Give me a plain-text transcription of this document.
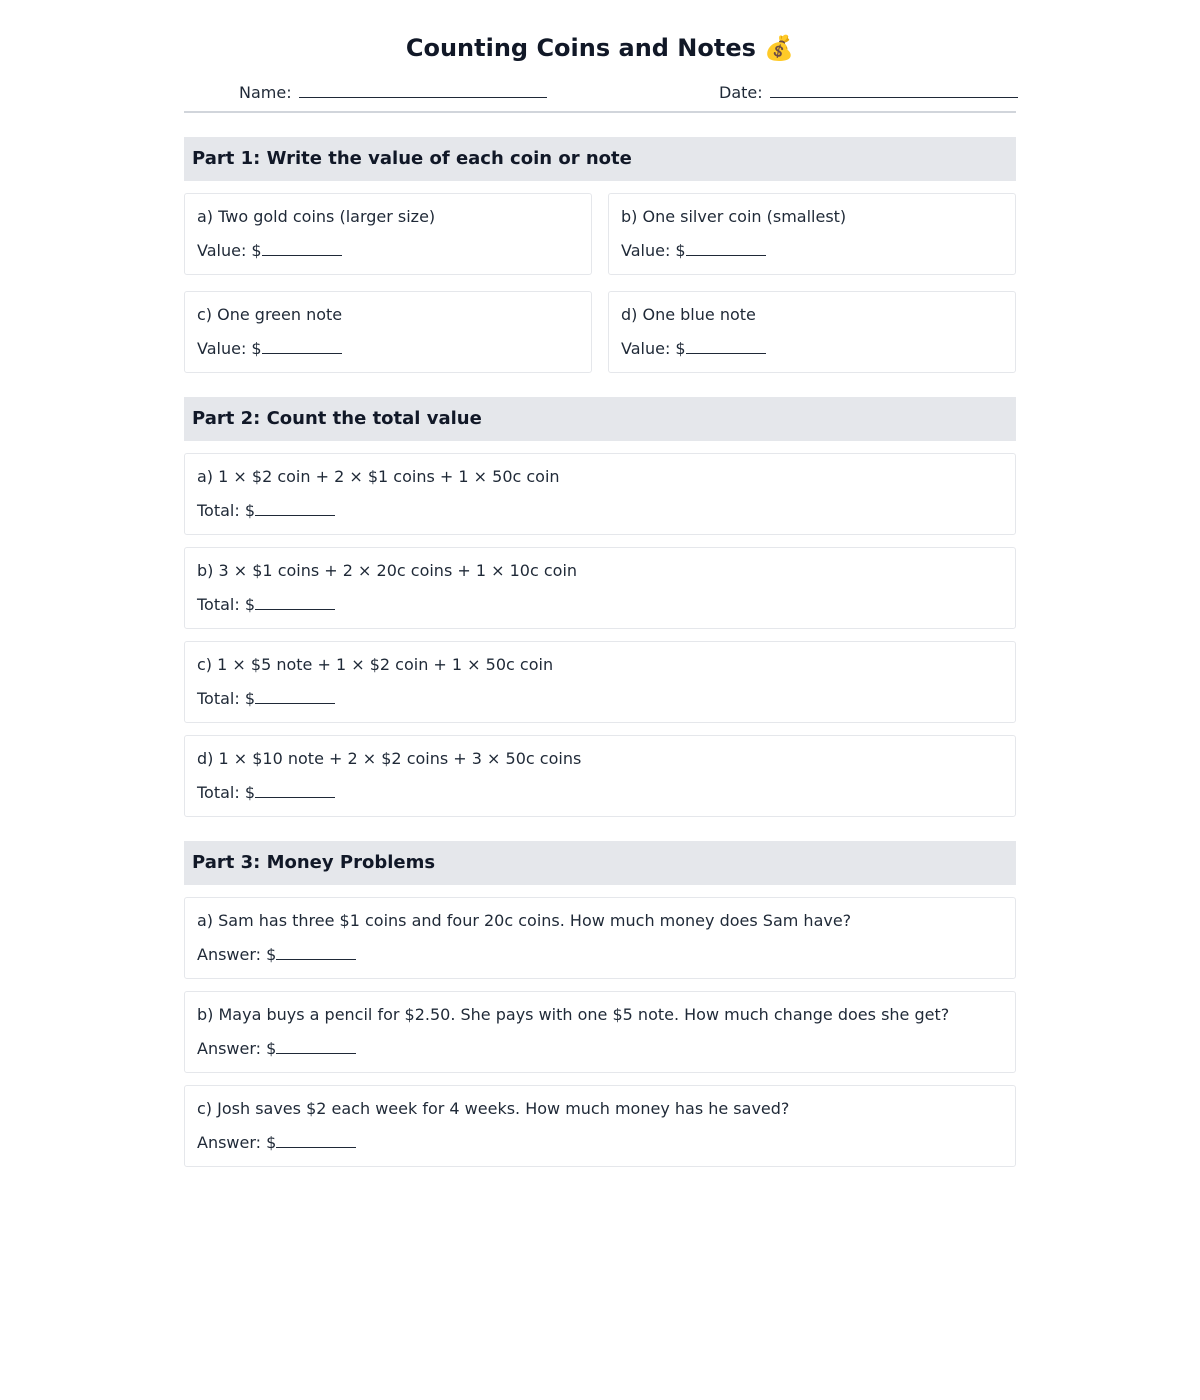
Counting Coins and Notes 💰
Name:	Date:
Part 1: Write the value of each coin or note
a) Two gold coins (larger size)
Value: $
b) One silver coin (smallest)
Value: $
c) One green note
Value: $
d) One blue note
Value: $
Part 2: Count the total value
a) 1 × $2 coin + 2 × $1 coins + 1 × 50c coin
Total: $
b) 3 × $1 coins + 2 × 20c coins + 1 × 10c coin
Total: $
c) 1 × $5 note + 1 × $2 coin + 1 × 50c coin
Total: $
d) 1 × $10 note + 2 × $2 coins + 3 × 50c coins
Total: $
Part 3: Money Problems
a) Sam has three $1 coins and four 20c coins. How much money does Sam have?
Answer: $
b) Maya buys a pencil for $2.50. She pays with one $5 note. How much change does she get?
Answer: $
c) Josh saves $2 each week for 4 weeks. How much money has he saved?
Answer: $
